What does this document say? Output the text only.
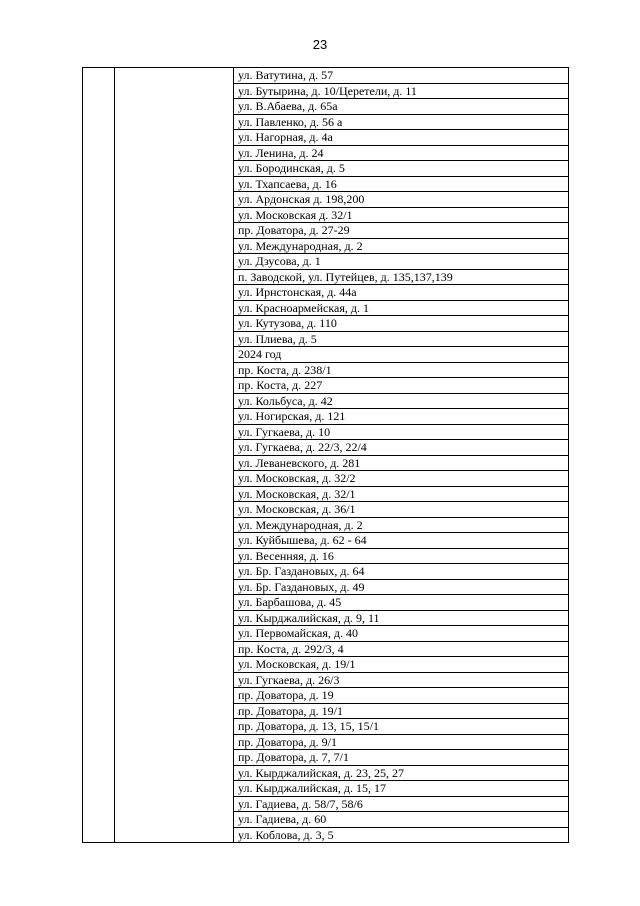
23
		ул. Ватутина, д. 57
ул. Бутырина, д. 10/Церетели, д. 11
ул. В.Абаева, д. 65а
ул. Павленко, д. 56 а
ул. Нагорная, д. 4а
ул. Ленина, д. 24
ул. Бородинская, д. 5
ул. Тхапсаева, д. 16
ул. Ардонская д. 198,200
ул. Московская д. 32/1
пр. Доватора, д. 27-29
ул. Международная, д. 2
ул. Дзусова, д. 1
п. Заводской, ул. Путейцев, д. 135,137,139
ул. Ирнстонская, д. 44а
ул. Красноармейская, д. 1
ул. Кутузова, д. 110
ул. Плиева, д. 5
2024 год
пр. Коста, д. 238/1
пр. Коста, д. 227
ул. Кольбуса, д. 42
ул. Ногирская, д. 121
ул. Гугкаева, д. 10
ул. Гугкаева, д. 22/3, 22/4
ул. Леваневского, д. 281
ул. Московская, д. 32/2
ул. Московская, д. 32/1
ул. Московская, д. 36/1
ул. Международная, д. 2
ул. Куйбышева, д. 62 - 64
ул. Весенняя, д. 16
ул. Бр. Газдановых, д. 64
ул. Бр. Газдановых, д. 49
ул. Барбашова, д. 45
ул. Кырджалийская, д. 9, 11
ул. Первомайская, д. 40
пр. Коста, д. 292/3, 4
ул. Московская, д. 19/1
ул. Гугкаева, д. 26/3
пр. Доватора, д. 19
пр. Доватора, д. 19/1
пр. Доватора, д. 13, 15, 15/1
пр. Доватора, д. 9/1
пр. Доватора, д. 7, 7/1
ул. Кырджалийская, д. 23, 25, 27
ул. Кырджалийская, д. 15, 17
ул. Гадиева, д. 58/7, 58/6
ул. Гадиева, д. 60
ул. Коблова, д. 3, 5
